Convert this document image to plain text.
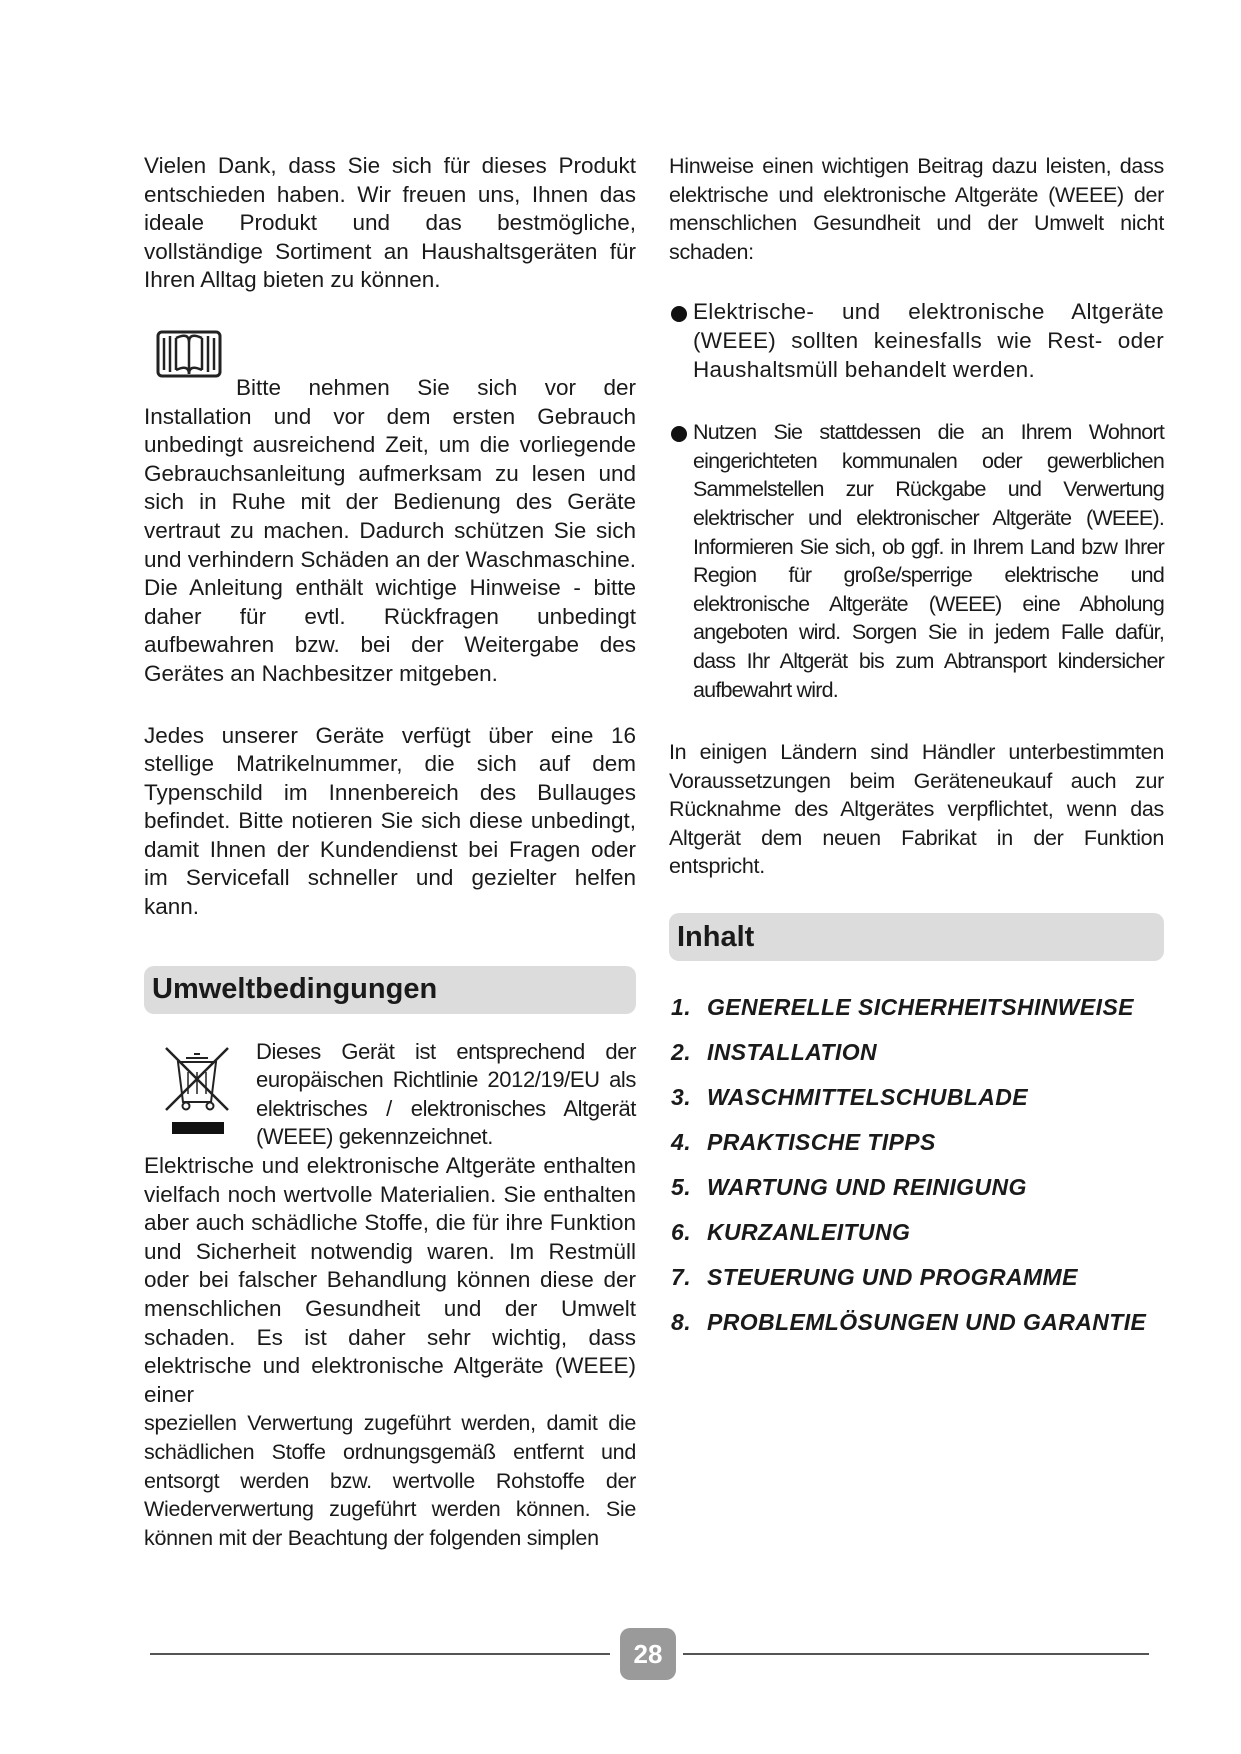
Vielen Dank, dass Sie sich für dieses Produkt entschieden haben. Wir freuen uns, Ihnen das ideale Produkt und das bestmögliche, vollständige Sortiment an Haushaltsgeräten für Ihren Alltag bieten zu können.

Bitte nehmen Sie sich vor der Installation und vor dem ersten Gebrauch unbedingt ausreichend Zeit, um die vorliegende Gebrauchsanleitung aufmerksam zu lesen und sich in Ruhe mit der Bedienung des Geräte vertraut zu machen. Dadurch schützen Sie sich und verhindern Schäden an der Waschmaschine. Die Anleitung enthält wichtige Hinweise - bitte daher für evtl. Rückfragen unbedingt aufbewahren bzw. bei der Weitergabe des Gerätes an Nachbesitzer mitgeben.

Jedes unserer Geräte verfügt über eine 16 stellige Matrikelnummer, die sich auf dem Typenschild im Innenbereich des Bullauges befindet. Bitte notieren Sie sich diese unbedingt, damit Ihnen der Kundendienst bei Fragen oder im Servicefall schneller und gezielter helfen kann.

Umweltbedingungen

Dieses Gerät ist entsprechend der europäischen Richtlinie 2012/19/EU als elektrisches / elektronisches Altgerät (WEEE) gekennzeichnet.

Elektrische und elektronische Altgeräte enthalten vielfach noch wertvolle Materialien. Sie enthalten aber auch schädliche Stoffe, die für ihre Funktion und Sicherheit notwendig waren. Im Restmüll oder bei falscher Behandlung können diese der menschlichen Gesundheit und der Umwelt schaden. Es ist daher sehr wichtig, dass elektrische und elektronische Altgeräte (WEEE) einer

speziellen Verwertung zugeführt werden, damit die schädlichen Stoffe ordnungsgemäß entfernt und entsorgt werden bzw. wertvolle Rohstoffe der Wiederverwertung zugeführt werden können. Sie können mit der Beachtung der folgenden simplen

Hinweise einen wichtigen Beitrag dazu leisten, dass elektrische und elektronische Altgeräte (WEEE) der menschlichen Gesundheit und der Umwelt nicht schaden:

Elektrische- und elektronische Altgeräte (WEEE) sollten keinesfalls wie Rest- oder Haushaltsmüll behandelt werden.
Nutzen Sie stattdessen die an Ihrem Wohnort eingerichteten kommunalen oder gewerblichen Sammelstellen zur Rückgabe und Verwertung elektrischer und elektronischer Altgeräte (WEEE). Informieren Sie sich, ob ggf. in Ihrem Land bzw Ihrer Region für große/sperrige elektrische und elektronische Altgeräte (WEEE) eine Abholung angeboten wird. Sorgen Sie in jedem Falle dafür, dass Ihr Altgerät bis zum Abtransport kindersicher aufbewahrt wird.

In einigen Ländern sind Händler unterbestimmten Voraussetzungen beim Geräteneukauf auch zur Rücknahme des Altgerätes verpflichtet, wenn das Altgerät dem neuen Fabrikat in der Funktion entspricht.

Inhalt
1. GENERELLE SICHERHEITSHINWEISE
2. INSTALLATION
3. WASCHMITTELSCHUBLADE
4. PRAKTISCHE TIPPS
5. WARTUNG UND REINIGUNG
6. KURZANLEITUNG
7. STEUERUNG UND PROGRAMME
8. PROBLEMLÖSUNGEN UND GARANTIE
28
